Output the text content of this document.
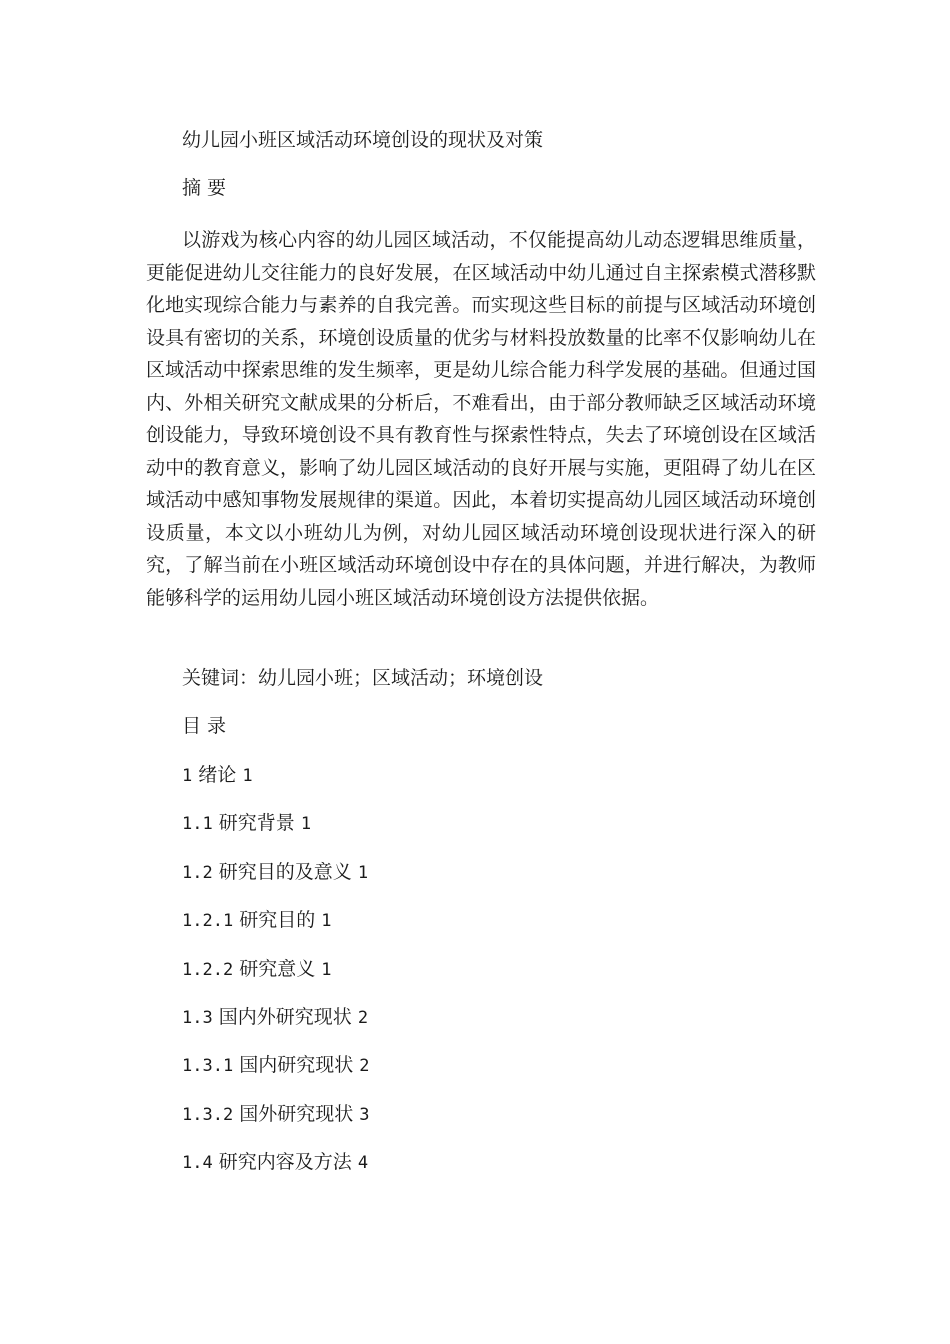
幼儿园小班区域活动环境创设的现状及对策
摘 要

以游戏为核心内容的幼儿园区域活动，不仅能提高幼儿动态逻辑思维质量，更能促进幼儿交往能力的良好发展，在区域活动中幼儿通过自主探索模式潜移默化地实现综合能力与素养的自我完善。而实现这些目标的前提与区域活动环境创设具有密切的关系，环境创设质量的优劣与材料投放数量的比率不仅影响幼儿在区域活动中探索思维的发生频率，更是幼儿综合能力科学发展的基础。但通过国内、外相关研究文献成果的分析后，不难看出，由于部分教师缺乏区域活动环境创设能力，导致环境创设不具有教育性与探索性特点，失去了环境创设在区域活动中的教育意义，影响了幼儿园区域活动的良好开展与实施，更阻碍了幼儿在区域活动中感知事物发展规律的渠道。因此，本着切实提高幼儿园区域活动环境创设质量，本文以小班幼儿为例，对幼儿园区域活动环境创设现状进行深入的研究，了解当前在小班区域活动环境创设中存在的具体问题，并进行解决，为教师能够科学的运用幼儿园小班区域活动环境创设方法提供依据。

关键词：幼儿园小班；区域活动；环境创设
目 录
1 绪论 1
1.1 研究背景 1
1.2 研究目的及意义 1
1.2.1 研究目的 1
1.2.2 研究意义 1
1.3 国内外研究现状 2
1.3.1 国内研究现状 2
1.3.2 国外研究现状 3
1.4 研究内容及方法 4
